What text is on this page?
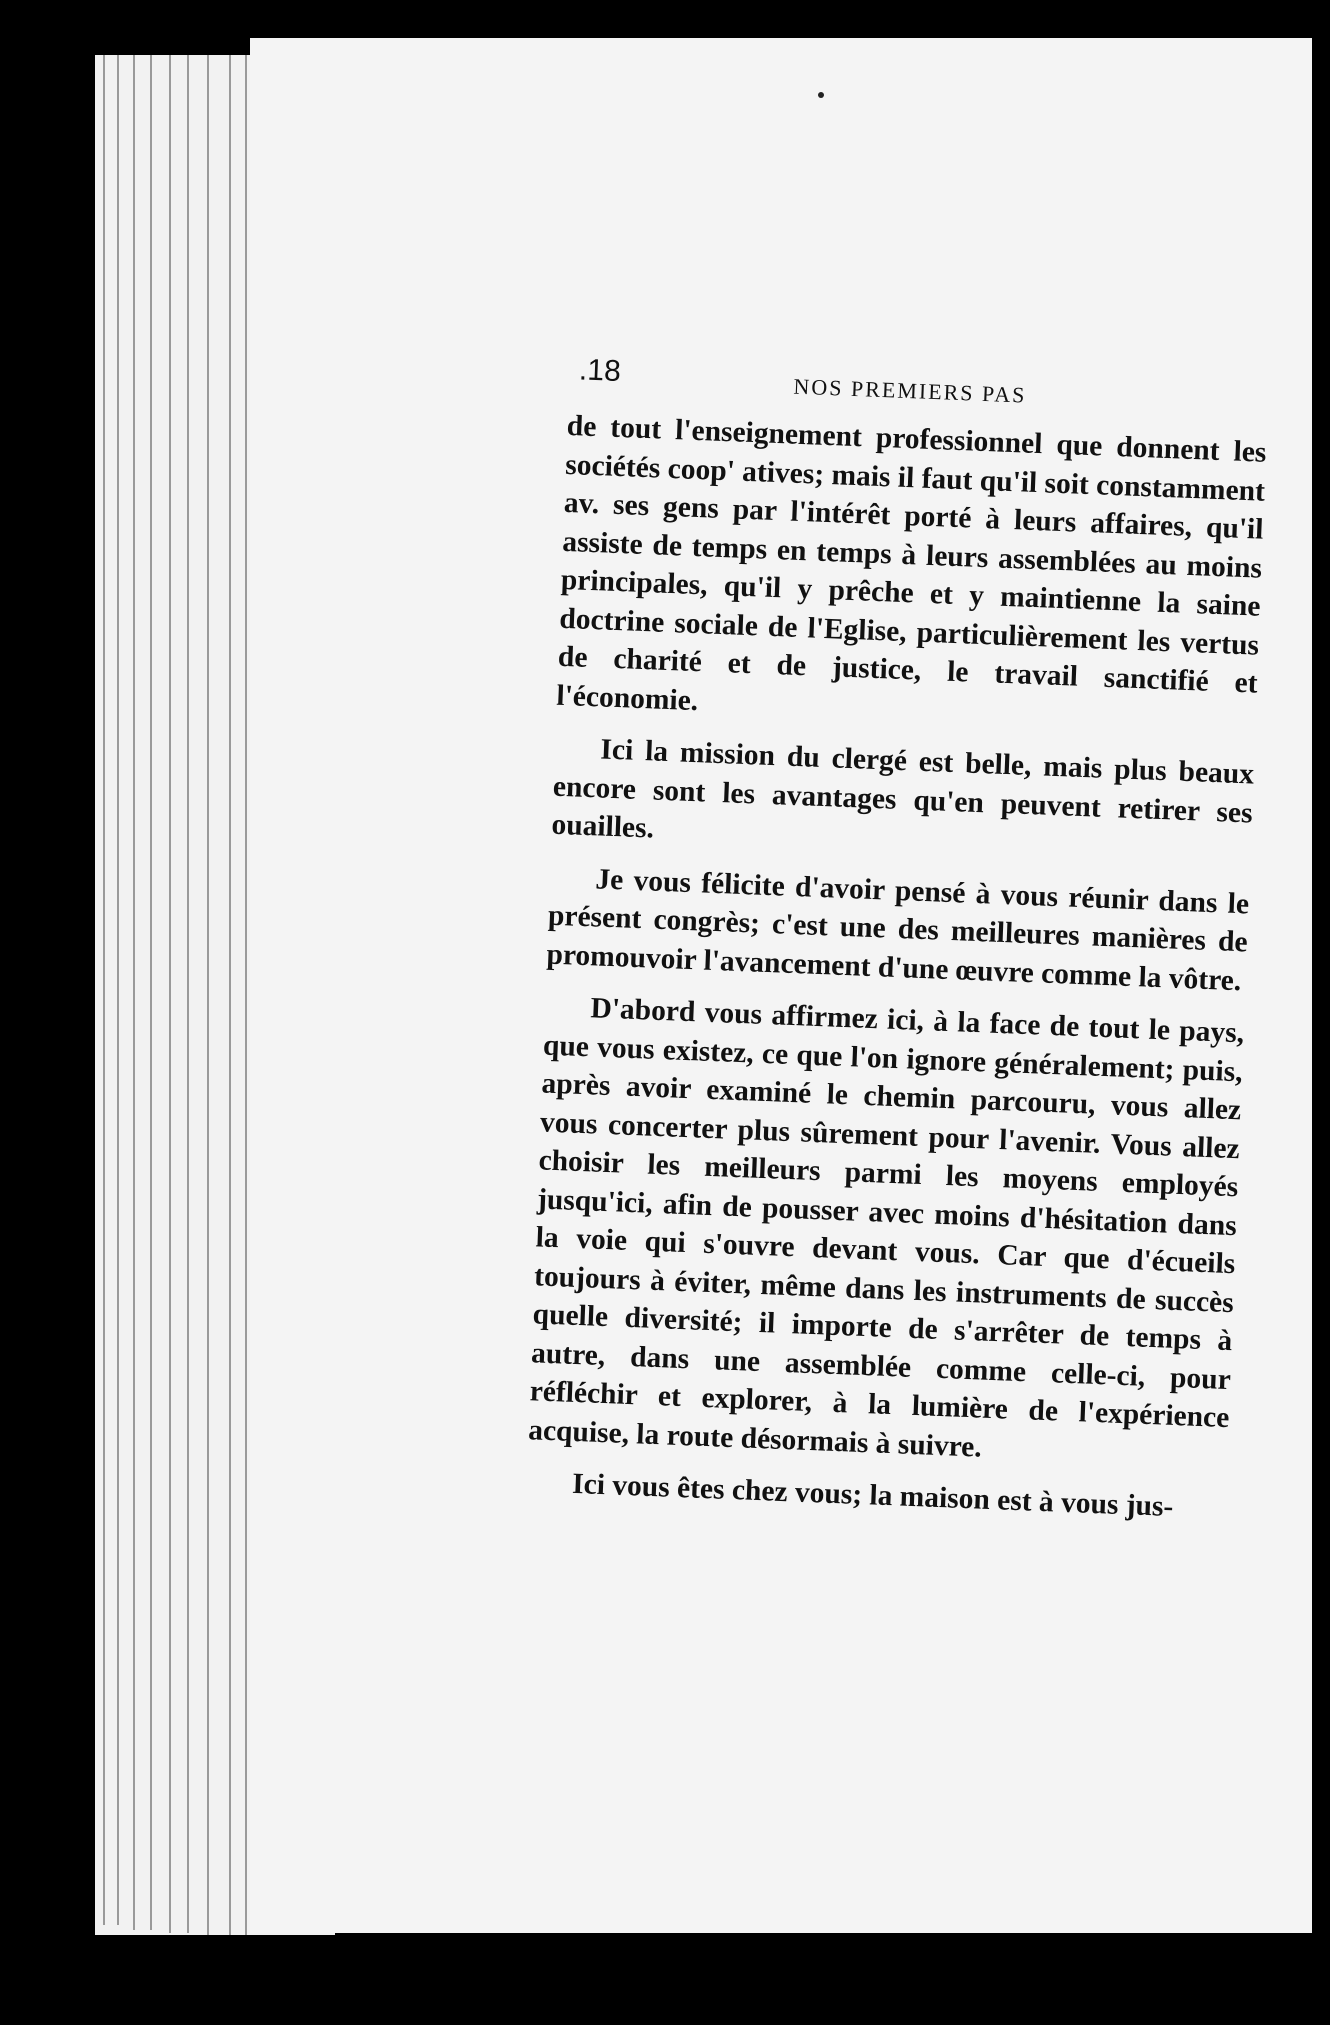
.18
NOS PREMIERS PAS

de tout l'enseignement professionnel que donnent les sociétés coop' atives; mais il faut qu'il soit constamment av. ses gens par l'intérêt porté à leurs affaires, qu'il assiste de temps en temps à leurs assemblées au moins principales, qu'il y prêche et y maintienne la saine doctrine sociale de l'Eglise, particulièrement les vertus de charité et de justice, le travail sanctifié et l'économie.

Ici la mission du clergé est belle, mais plus beaux encore sont les avantages qu'en peuvent retirer ses ouailles.

Je vous félicite d'avoir pensé à vous réunir dans le présent congrès; c'est une des meilleures manières de promouvoir l'avancement d'une œuvre comme la vôtre.

D'abord vous affirmez ici, à la face de tout le pays, que vous existez, ce que l'on ignore généralement; puis, après avoir examiné le chemin parcouru, vous allez vous concerter plus sûrement pour l'avenir. Vous allez choisir les meilleurs parmi les moyens employés jusqu'ici, afin de pousser avec moins d'hésitation dans la voie qui s'ouvre devant vous. Car que d'écueils toujours à éviter, même dans les instruments de succès quelle diversité; il importe de s'arrêter de temps à autre, dans une assemblée comme celle-ci, pour réfléchir et explorer, à la lumière de l'expérience acquise, la route désormais à suivre.

Ici vous êtes chez vous; la maison est à vous jus-
